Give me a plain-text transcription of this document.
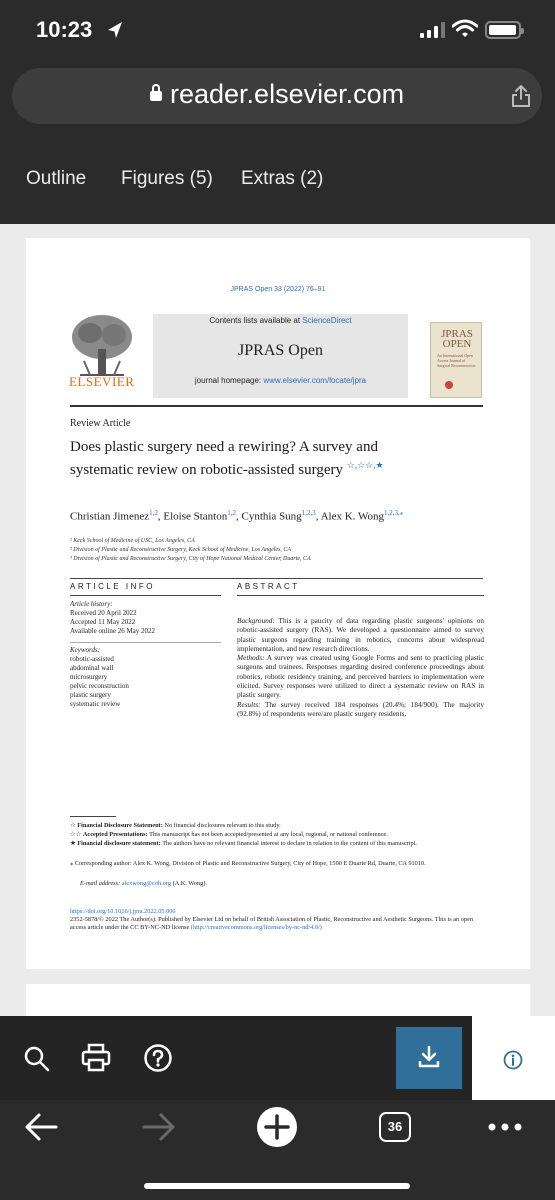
10:23
reader.elsevier.com
Outline Figures (5) Extras (2)
JPRAS Open 33 (2022) 76–91
ELSEVIER
Contents lists available at ScienceDirect
JPRAS Open
journal homepage: www.elsevier.com/locate/jpra
JPRAS OPEN
An International Open Access Journal of Surgical Reconstruction
Review Article
Does plastic surgery need a rewiring? A survey and systematic review on robotic-assisted surgery ☆,☆☆,★
Christian Jimenez$^{1,2}$, Eloise Stanton$^{1,2}$, Cynthia Sung$^{1,2,3}$, Alex K. Wong$^{1,2,3,⁎}$
¹ Keck School of Medicine of USC, Los Angeles, CA
² Division of Plastic and Reconstructive Surgery, Keck School of Medicine, Los Angeles, CA
³ Division of Plastic and Reconstructive Surgery, City of Hope National Medical Center, Duarte, CA
ARTICLE INFO	ABSTRACT
Article history:
Received 20 April 2022
Accepted 11 May 2022
Available online 26 May 2022
Keywords:
robotic-assisted
abdominal wall
microsurgery
pelvic reconstruction
plastic surgery
systematic review
Background: This is a paucity of data regarding plastic surgeons' opinions on robotic-assisted surgery (RAS). We developed a questionnaire aimed to survey plastic surgeons regarding training in robotics, concerns about widespread implementation, and new research directions.
Methods: A survey was created using Google Forms and sent to practicing plastic surgeons and trainees. Responses regarding desired conference proceedings about robotics, robotic residency training, and perceived barriers to implementation were elicited. Survey responses were utilized to direct a systematic review on RAS in plastic surgery.
Results: The survey received 184 responses (20.4%; 184/900). The majority (92.8%) of respondents were/are plastic surgery residents,
☆ Financial Disclosure Statement: No financial disclosures relevant to this study.
☆☆ Accepted Presentations: This manuscript has not been accepted/presented at any local, regional, or national conference.
★ Financial disclosure statement: The authors have no relevant financial interest to declare in relation to the content of this manuscript.
⁎ Corresponding author: Alex K. Wong, Division of Plastic and Reconstructive Surgery, City of Hope, 1500 E Duarte Rd, Duarte, CA 91010.
E-mail address: alexwong@coh.org (A.K. Wong).
https://doi.org/10.1016/j.jpra.2022.05.006
2352-5878/© 2022 The Author(s). Published by Elsevier Ltd on behalf of British Association of Plastic, Reconstructive and Aesthetic Surgeons. This is an open access article under the CC BY-NC-ND license (http://creativecommons.org/licenses/by-nc-nd/4.0/)
36
